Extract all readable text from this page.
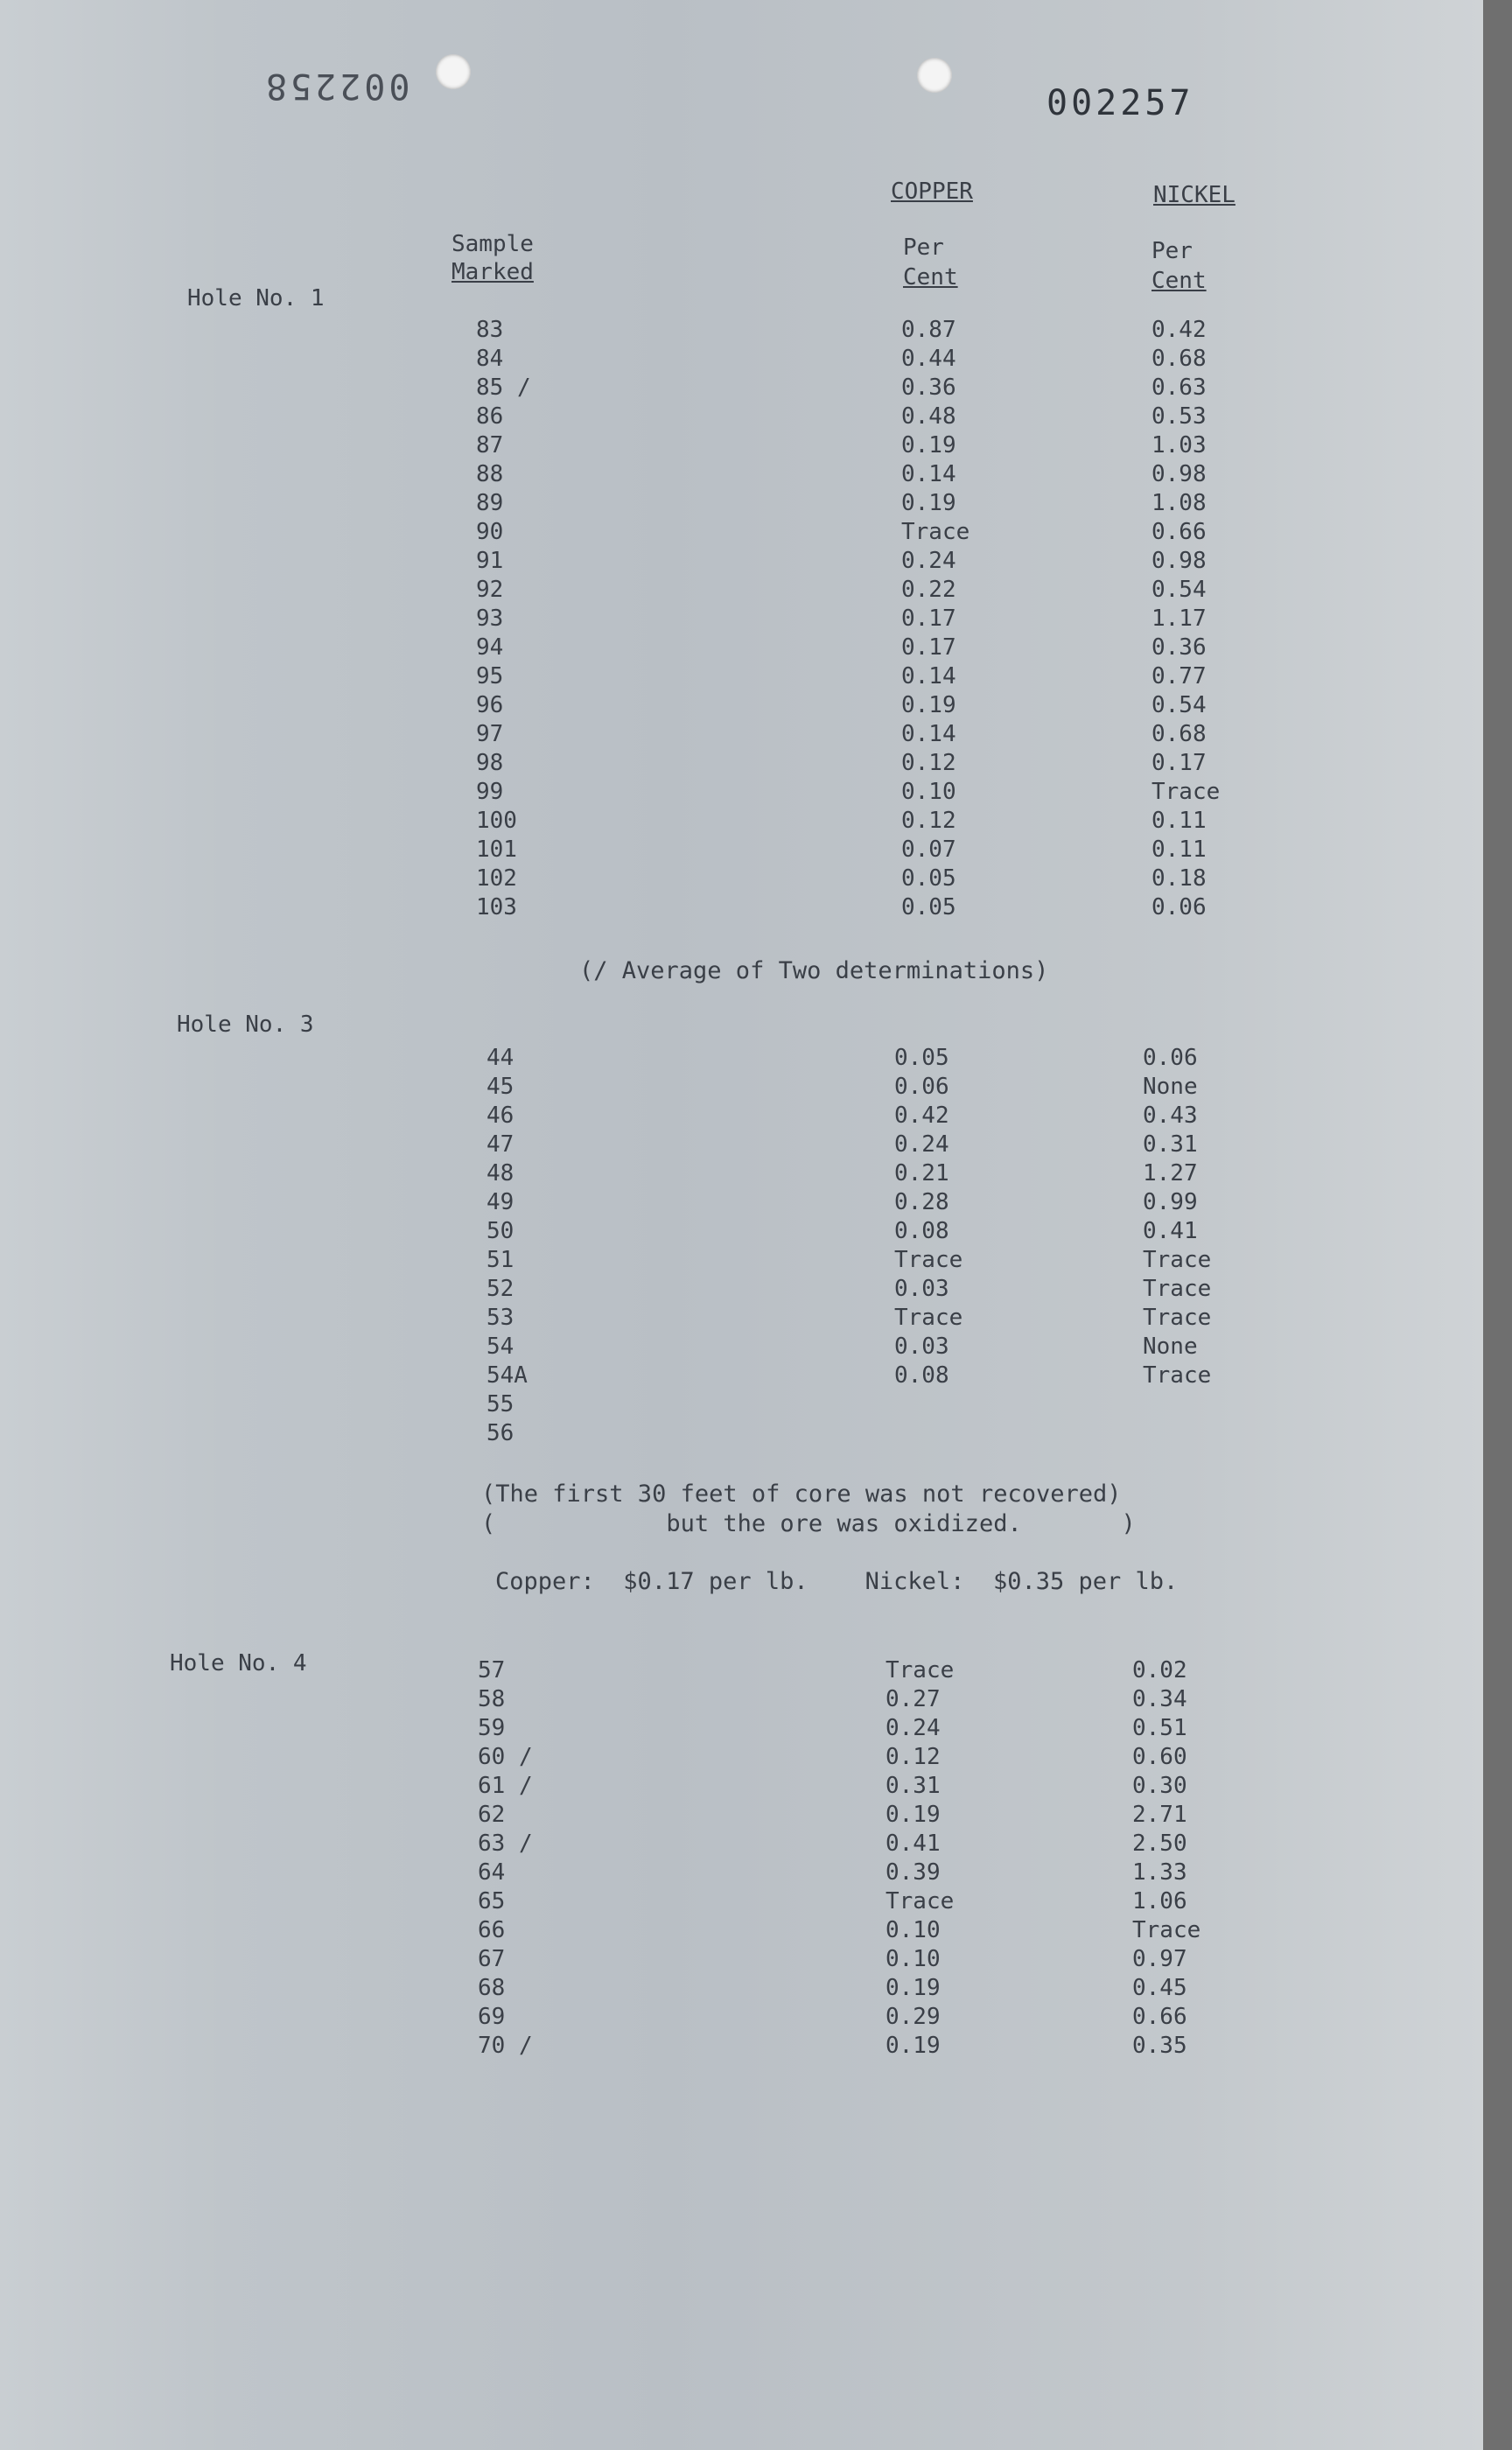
002258	002257
COPPER	NICKEL
Sample
Marked
Per
Cent
Per
Cent
Hole No. 1
83	0.87	0.42
84	0.44	0.68
85 /	0.36	0.63
86	0.48	0.53
87	0.19	1.03
88	0.14	0.98
89	0.19	1.08
90	Trace	0.66
91	0.24	0.98
92	0.22	0.54
93	0.17	1.17
94	0.17	0.36
95	0.14	0.77
96	0.19	0.54
97	0.14	0.68
98	0.12	0.17
99	0.10	Trace
100	0.12	0.11
101	0.07	0.11
102	0.05	0.18
103	0.05	0.06
Hole No. 3
44	0.05	0.06
45	0.06	None
46	0.42	0.43
47	0.24	0.31
48	0.21	1.27
49	0.28	0.99
50	0.08	0.41
51	Trace	Trace
52	0.03	Trace
53	Trace	Trace
54	0.03	None
54A	0.08	Trace
55
56
Hole No. 4	57	Trace	0.02
58	0.27	0.34
59	0.24	0.51
60 /	0.12	0.60
61 /	0.31	0.30
62	0.19	2.71
63 /	0.41	2.50
64	0.39	1.33
65	Trace	1.06
66	0.10	Trace
67	0.10	0.97
68	0.19	0.45
69	0.29	0.66
70 /	0.19	0.35
(/ Average of Two determinations)
(The first 30 feet of core was not recovered)
(            but the ore was oxidized.       )
Copper:  $0.17 per lb.    Nickel:  $0.35 per lb.
